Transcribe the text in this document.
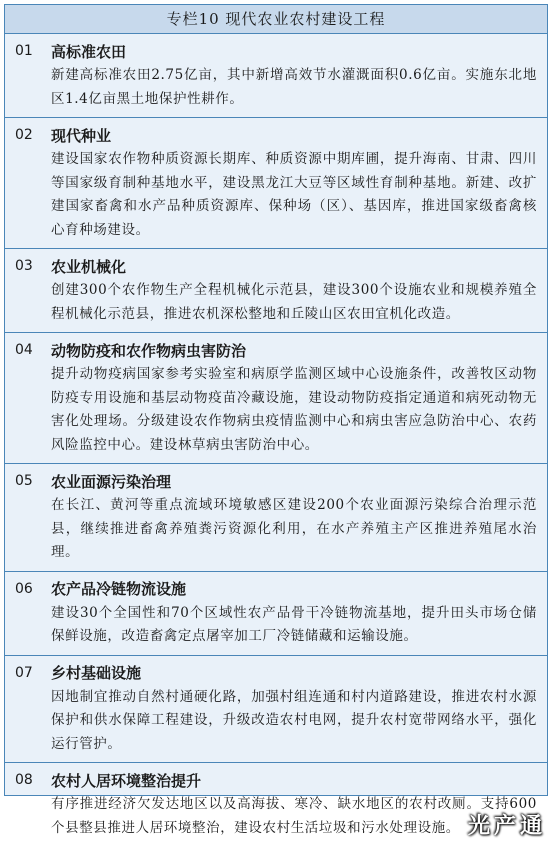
专栏10 现代农业农村建设工程
01	高标准农田
新建高标准农田2.75亿亩，其中新增高效节水灌溉面积0.6亿亩。实施东北地区1.4亿亩黑土地保护性耕作。
02	现代种业
建设国家农作物种质资源长期库、种质资源中期库圃，提升海南、甘肃、四川等国家级育制种基地水平，建设黑龙江大豆等区域性育制种基地。新建、改扩建国家畜禽和水产品种质资源库、保种场（区）、基因库，推进国家级畜禽核心育种场建设。
03	农业机械化
创建300个农作物生产全程机械化示范县，建设300个设施农业和规模养殖全程机械化示范县，推进农机深松整地和丘陵山区农田宜机化改造。
04	动物防疫和农作物病虫害防治
提升动物疫病国家参考实验室和病原学监测区域中心设施条件，改善牧区动物防疫专用设施和基层动物疫苗冷藏设施，建设动物防疫指定通道和病死动物无害化处理场。分级建设农作物病虫疫情监测中心和病虫害应急防治中心、农药风险监控中心。建设林草病虫害防治中心。
05	农业面源污染治理
在长江、黄河等重点流域环境敏感区建设200个农业面源污染综合治理示范县，继续推进畜禽养殖粪污资源化利用，在水产养殖主产区推进养殖尾水治理。
06	农产品冷链物流设施
建设30个全国性和70个区域性农产品骨干冷链物流基地，提升田头市场仓储保鲜设施，改造畜禽定点屠宰加工厂冷链储藏和运输设施。
07	乡村基础设施
因地制宜推动自然村通硬化路，加强村组连通和村内道路建设，推进农村水源保护和供水保障工程建设，升级改造农村电网，提升农村宽带网络水平，强化运行管护。
08	农村人居环境整治提升
有序推进经济欠发达地区以及高海拔、寒冷、缺水地区的农村改厕。支持600个县整县推进人居环境整治，建设农村生活垃圾和污水处理设施。 光产通
